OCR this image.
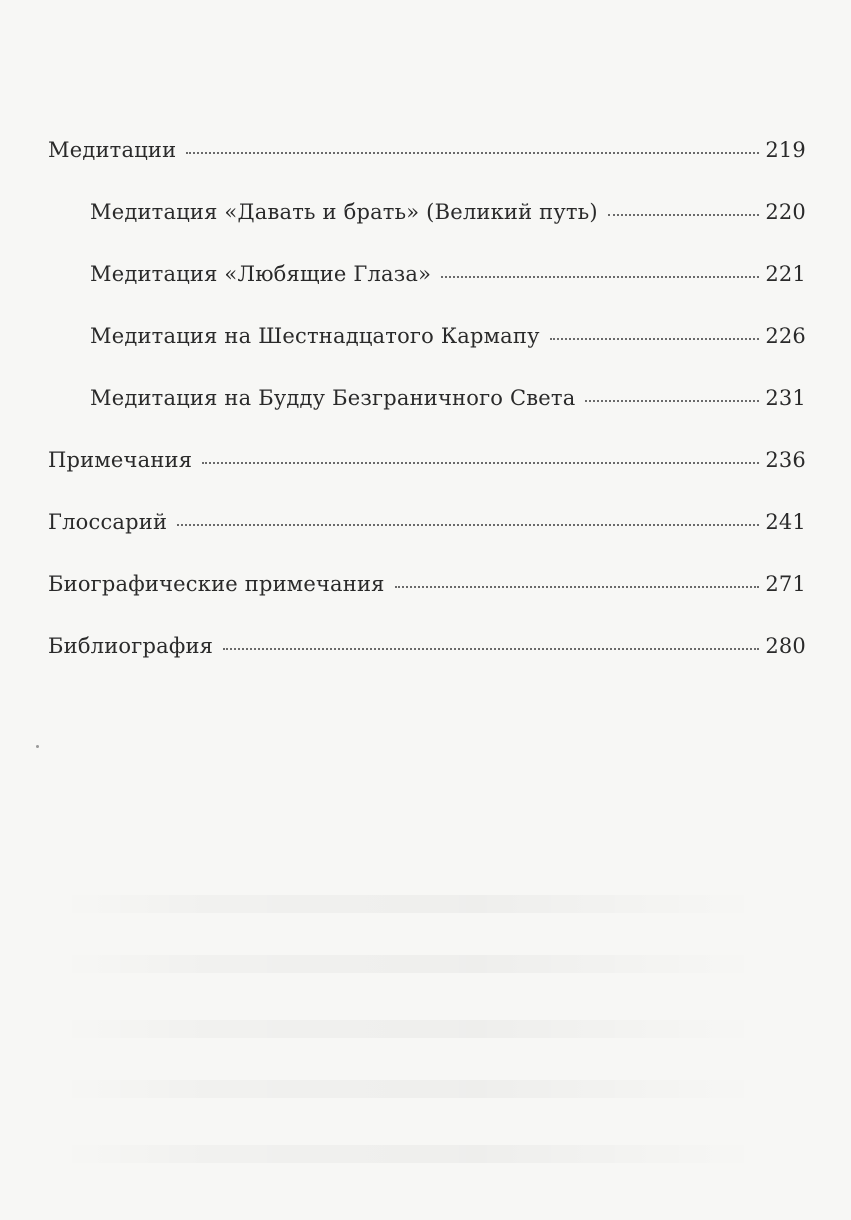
Медитации	219
Медитация «Давать и брать» (Великий путь)	220
Медитация «Любящие Глаза»	221
Медитация на Шестнадцатого Кармапу	226
Медитация на Будду Безграничного Света	231
Примечания	236
Глоссарий	241
Биографические примечания	271
Библиография	280
